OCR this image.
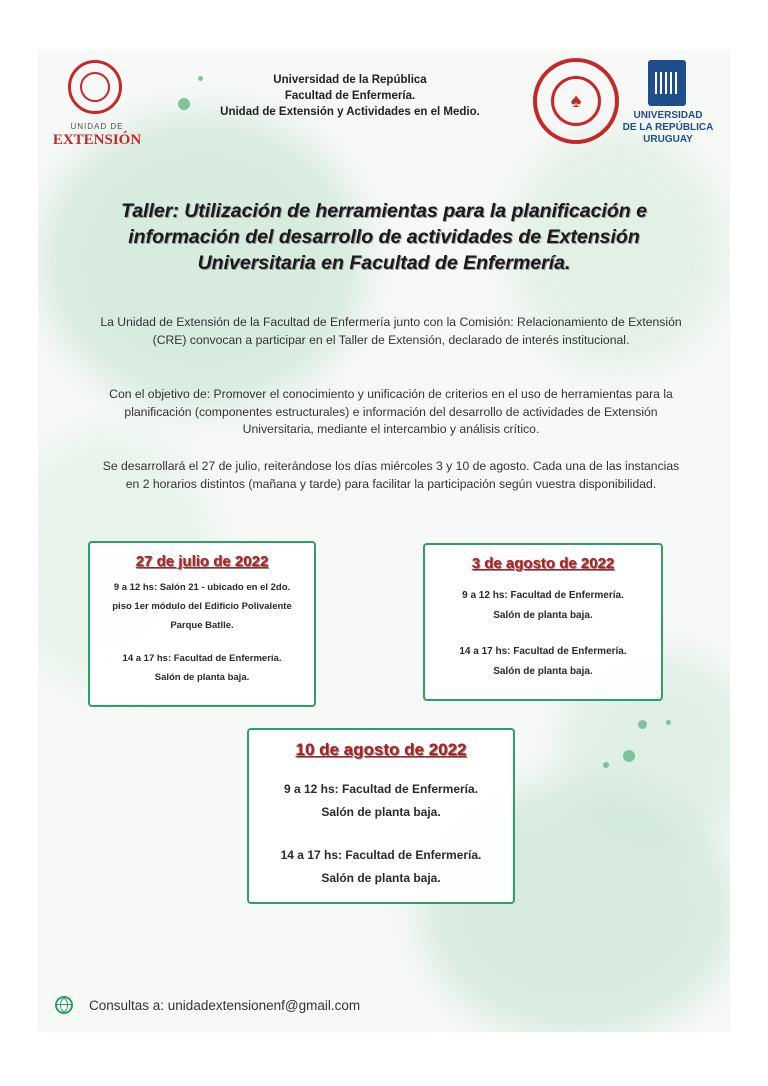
UNIDAD DE
EXTENSIÓN
Universidad de la República
Facultad de Enfermería.
Unidad de Extensión y Actividades en el Medio.
♠
UNIVERSIDAD
DE LA REPÚBLICA
URUGUAY
Taller: Utilización de herramientas para la planificación e información del desarrollo de actividades de Extensión Universitaria en Facultad de Enfermería.
La Unidad de Extensión de la Facultad de Enfermería junto con la Comisión: Relacionamiento de Extensión (CRE) convocan a participar en el Taller de Extensión, declarado de interés institucional.
Con el objetivo de: Promover el conocimiento y unificación de criterios en el uso de herramientas para la planificación (componentes estructurales) e información del desarrollo de actividades de Extensión Universitaria, mediante el intercambio y análisis crítico.
Se desarrollará el 27 de julio, reiterándose los días miércoles 3 y 10 de agosto. Cada una de las instancias en 2 horarios distintos (mañana y tarde) para facilitar la participación según vuestra disponibilidad.
27 de julio de 2022
9 a 12 hs: Salón 21 - ubicado en el 2do.
piso 1er módulo del Edificio Polivalente
Parque Batlle.
14 a 17 hs: Facultad de Enfermería.
Salón de planta baja.
3 de agosto de 2022
9 a 12 hs: Facultad de Enfermería.
Salón de planta baja.
14 a 17 hs: Facultad de Enfermería.
Salón de planta baja.
10 de agosto de 2022
9 a 12 hs: Facultad de Enfermería.
Salón de planta baja.
14 a 17 hs: Facultad de Enfermería.
Salón de planta baja.
Consultas a: unidadextensionenf@gmail.com
